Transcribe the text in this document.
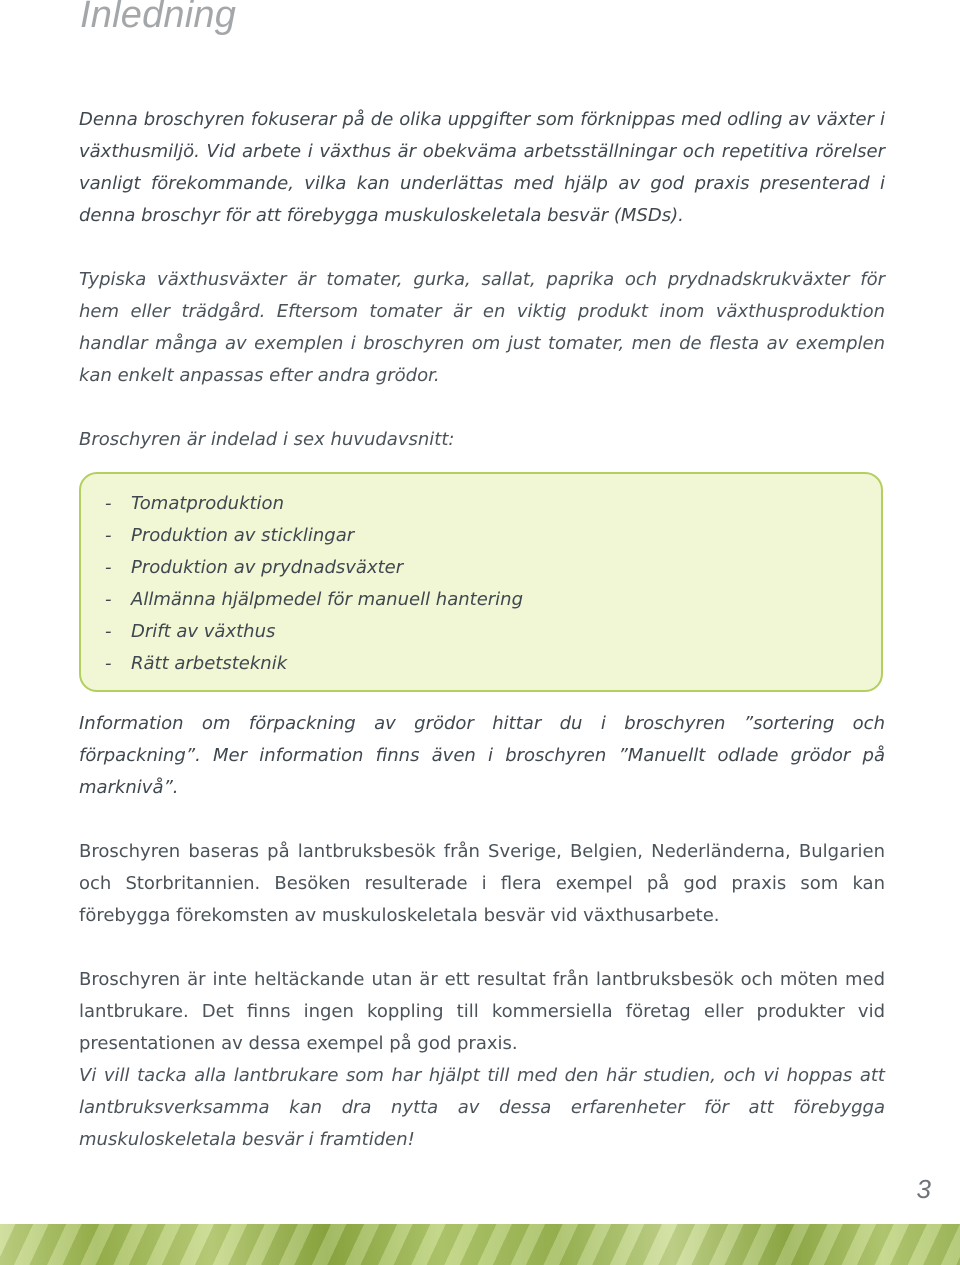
Inledning

Denna broschyren fokuserar på de olika uppgifter som förknippas med odling av växter i växthusmiljö. Vid arbete i växthus är obekväma arbetsställningar och repetitiva rörelser vanligt förekommande, vilka kan underlättas med hjälp av god praxis presenterad i denna broschyr för att förebygga muskuloskeletala besvär (MSDs).

Typiska växthusväxter är tomater, gurka, sallat, paprika och prydnadskrukväxter för hem eller trädgård. Eftersom tomater är en viktig produkt inom växthusproduktion handlar många av exemplen i broschyren om just tomater, men de flesta av exemplen kan enkelt anpassas efter andra grödor.

Broschyren är indelad i sex huvudavsnitt:

- Tomatproduktion
- Produktion av sticklingar
- Produktion av prydnadsväxter
- Allmänna hjälpmedel för manuell hantering
- Drift av växthus
- Rätt arbetsteknik

Information om förpackning av grödor hittar du i broschyren ”sortering och förpackning”. Mer information finns även i broschyren ”Manuellt odlade grödor på marknivå”.

Broschyren baseras på lantbruksbesök från Sverige, Belgien, Nederländerna, Bulgarien och Storbritannien. Besöken resulterade i flera exempel på god praxis som kan förebygga förekomsten av muskuloskeletala besvär vid växthusarbete.

Broschyren är inte heltäckande utan är ett resultat från lantbruksbesök och möten med lantbrukare. Det finns ingen koppling till kommersiella företag eller produkter vid presentationen av dessa exempel på god praxis.

Vi vill tacka alla lantbrukare som har hjälpt till med den här studien, och vi hoppas att lantbruksverksamma kan dra nytta av dessa erfarenheter för att förebygga muskuloskeletala besvär i framtiden!

3
